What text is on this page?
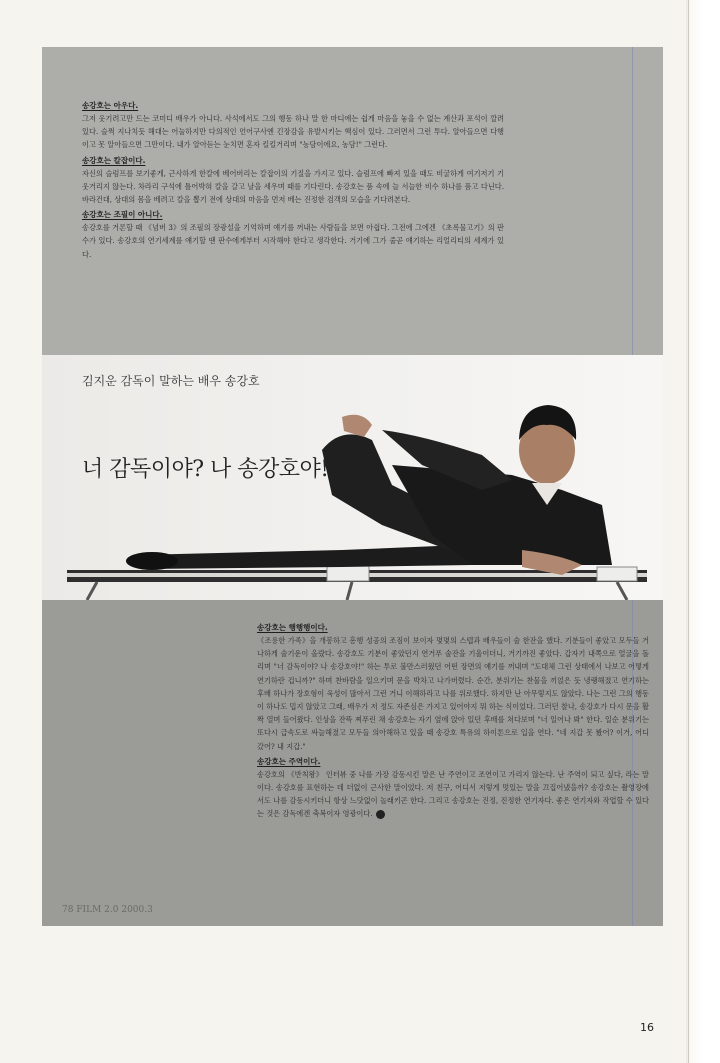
송강호는 아우다.

그저 웃기려고만 드는 코미디 배우가 아니다. 사석에서도 그의 행동 하나 말 한 마디에는 쉽게 마음을 놓을 수 없는 계산과 포석이 깔려 있다. 슬쩍 지나치듯 해대는 어눌하지만 다의적인 언어구사엔 긴장감을 유발시키는 핵심이 있다. 그러면서 그런 투다. 알아들으면 다행이고 못 알아들으면 그만이다. 내가 알아듣는 눈치면 혼자 킬킬거리며 "농담이에요, 농담!" 그런다.

송강호는 칼잡이다.

자신의 슬럼프를 보기좋게, 근사하게 한칼에 베어버리는 칼잡이의 기질을 가지고 있다. 슬럼프에 빠져 있을 때도 비굴하게 여기저기 기웃거리지 않는다. 차라리 구석에 틀어박혀 칼을 갈고 날을 세우며 때를 기다린다. 송강호는 품 속에 늘 서늘한 비수 하나를 품고 다닌다. 바라건대, 상대의 몸을 베려고 칼을 뽑기 전에 상대의 마음을 먼저 베는 진정한 검객의 모습을 기다려본다.

송강호는 조필이 아니다.

송강호를 거론할 때 《넘버 3》의 조필의 장광설을 기억하며 얘기를 꺼내는 사람들을 보면 아쉽다. 그전에 그에겐 《초록물고기》의 판수가 있다. 송강호의 연기세계를 얘기할 땐 판수에게부터 시작해야 한다고 생각한다. 거기에 그가 줄곧 얘기하는 리얼리티의 세계가 있다.

김지운 감독이 말하는 배우 송강호
너 감독이야? 나 송강호야!

송강호는 행행행이다.

《조용한 가족》을 개봉하고 흥행 성공의 조짐이 보이자 몇몇의 스텝과 배우들이 술 한잔을 했다. 기분들이 좋았고 모두들 거나하게 술기운이 올랐다. 송강호도 기분이 좋았던지 연거푸 술잔을 기울이더니, 거기까진 좋았다. 갑자기 내쪽으로 얼굴을 돌리며 "너 감독이야? 나 송강호야!" 하는 투로 불만스러웠던 어떤 장면의 얘기를 꺼내며 "도대체 그런 상태에서 나보고 어떻게 연기하란 겁니까?" 하며 찬바람을 일으키며 문을 박차고 나가버렸다. 순간, 분위기는 찬물을 끼얹은 듯 냉랭해졌고 연기하는 후배 하나가 장호형이 욱성이 많아서 그런 거니 이해하라고 나를 위로했다. 하지만 난 아무렇지도 않았다. 나는 그런 그의 행동이 하나도 밉지 않았고 그래, 배우가 저 정도 자존심은 가지고 있어야지 뭐 하는 식이었다. 그러던 찰나, 송강호가 다시 문을 활짝 열며 들어왔다. 인상을 잔뜩 찌푸린 채 송강호는 자기 옆에 앉아 있던 후배를 쳐다보며 "너 일어나 봐" 한다. 일순 분위기는 또다시 급속도로 싸늘해졌고 모두들 의아해하고 있을 때 송강호 특유의 하이톤으로 입을 연다. "네 지갑 못 봤어? 이거, 어디 갔어? 내 지갑."

송강호는 주역이다.

송강호의 《반칙왕》 인터뷰 중 나를 가장 감동시킨 말은 난 주연이고 조연이고 가리지 않는다. 난 주역이 되고 싶다, 라는 말이다. 송강호를 표현하는 데 더없이 근사한 말이었다. 저 친구, 어디서 저렇게 멋있는 말을 끄집어냈을까? 송강호는 촬영장에서도 나를 감동시키더니 항상 느닷없이 놀래키곤 한다. 그리고 송강호는 진정, 진정한 연기자다. 좋은 연기자와 작업할 수 있다는 것은 감독에겐 축복이자 영광이다.

78 FILM 2.0 2000.3
16
